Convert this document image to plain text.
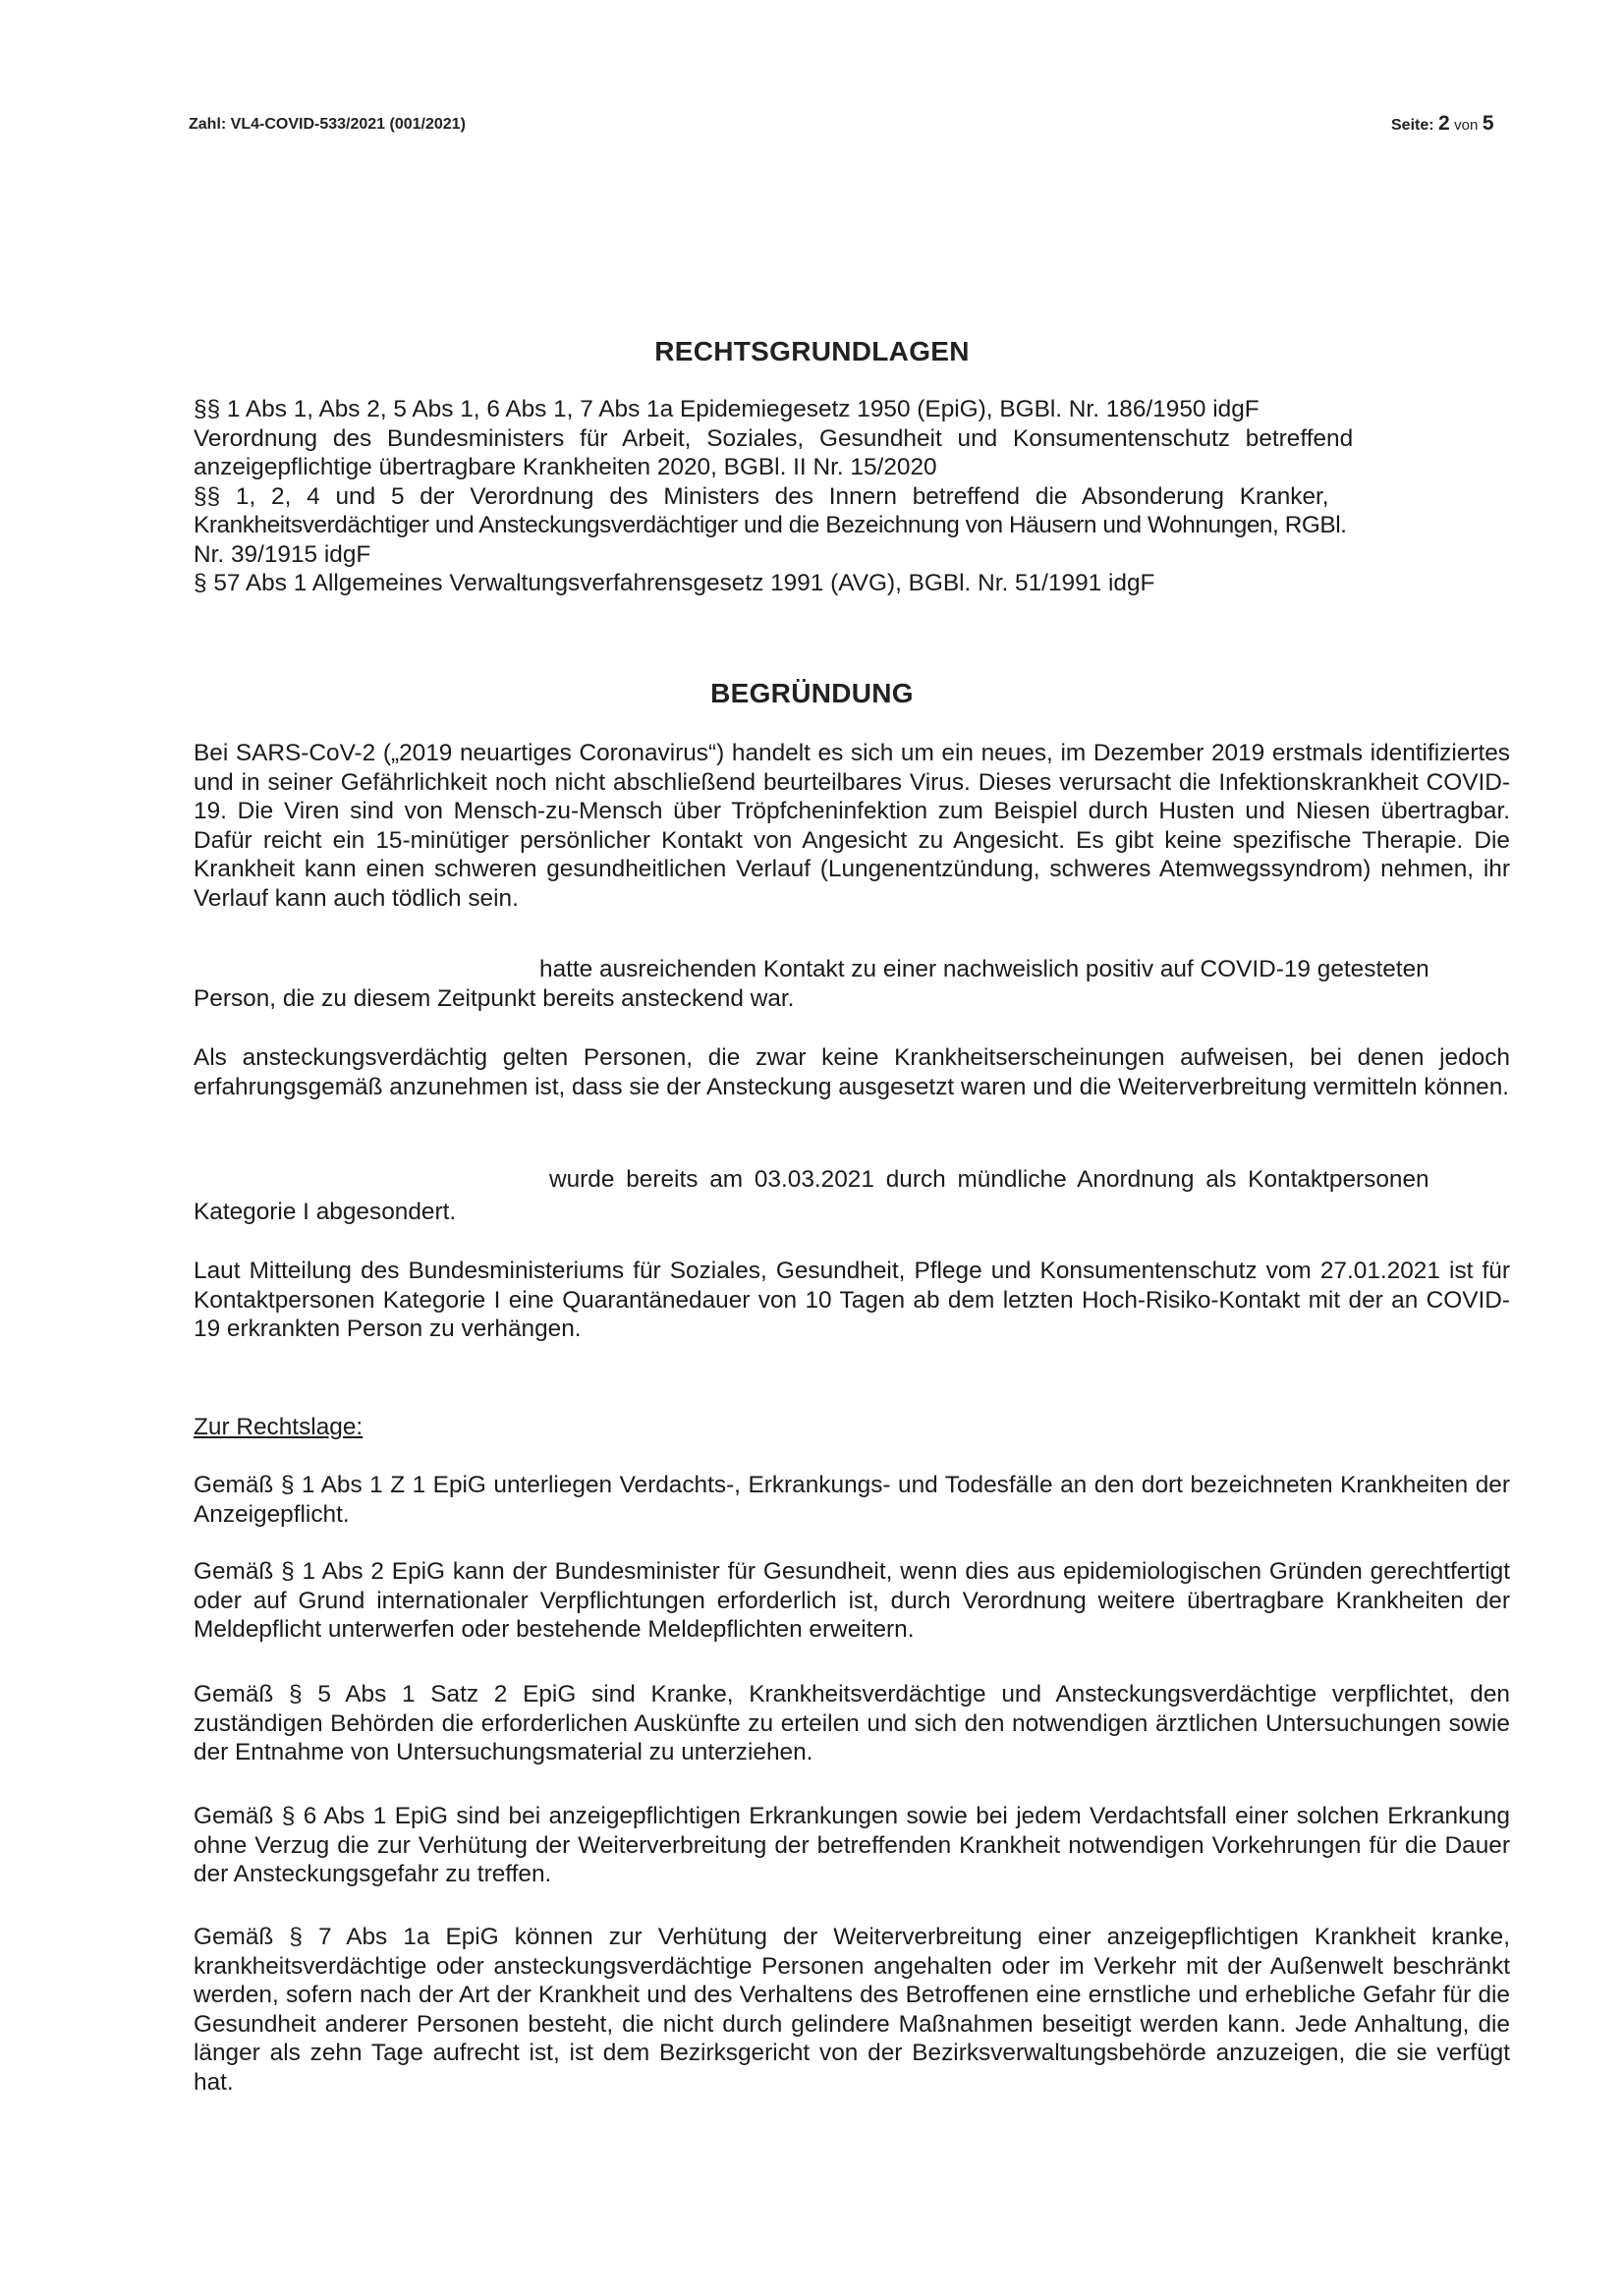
Zahl: VL4-COVID-533/2021 (001/2021)	Seite: 2 von 5
RECHTSGRUNDLAGEN
§§ 1 Abs 1, Abs 2, 5 Abs 1, 6 Abs 1, 7 Abs 1a Epidemiegesetz 1950 (EpiG), BGBl. Nr. 186/1950 idgF
Verordnung des Bundesministers für Arbeit, Soziales, Gesundheit und Konsumentenschutz betreffend
anzeigepflichtige übertragbare Krankheiten 2020, BGBl. II Nr. 15/2020
§§ 1, 2, 4 und 5 der Verordnung des Ministers des Innern betreffend die Absonderung Kranker,
Krankheitsverdächtiger und Ansteckungsverdächtiger und die Bezeichnung von Häusern und Wohnungen, RGBl.
Nr. 39/1915 idgF
§ 57 Abs 1 Allgemeines Verwaltungsverfahrensgesetz 1991 (AVG), BGBl. Nr. 51/1991 idgF
BEGRÜNDUNG
Bei SARS-CoV-2 („2019 neuartiges Coronavirus“) handelt es sich um ein neues, im Dezember 2019 erstmals identifiziertes und in seiner Gefährlichkeit noch nicht abschließend beurteilbares Virus. Dieses verursacht die Infektionskrankheit COVID-19. Die Viren sind von Mensch-zu-Mensch über Tröpfcheninfektion zum Beispiel durch Husten und Niesen übertragbar. Dafür reicht ein 15-minütiger persönlicher Kontakt von Angesicht zu Angesicht. Es gibt keine spezifische Therapie. Die Krankheit kann einen schweren gesundheitlichen Verlauf (Lungenentzündung, schweres Atemwegssyndrom) nehmen, ihr Verlauf kann auch tödlich sein.
hatte ausreichenden Kontakt zu einer nachweislich positiv auf COVID-19 getesteten
Person, die zu diesem Zeitpunkt bereits ansteckend war.
Als ansteckungsverdächtig gelten Personen, die zwar keine Krankheitserscheinungen aufweisen, bei denen jedoch erfahrungsgemäß anzunehmen ist, dass sie der Ansteckung ausgesetzt waren und die Weiterverbreitung vermitteln können.
wurde bereits am 03.03.2021 durch mündliche Anordnung als Kontaktpersonen
Kategorie I abgesondert.
Laut Mitteilung des Bundesministeriums für Soziales, Gesundheit, Pflege und Konsumentenschutz vom 27.01.2021 ist für Kontaktpersonen Kategorie I eine Quarantänedauer von 10 Tagen ab dem letzten Hoch-Risiko-Kontakt mit der an COVID-19 erkrankten Person zu verhängen.
Zur Rechtslage:
Gemäß § 1 Abs 1 Z 1 EpiG unterliegen Verdachts-, Erkrankungs- und Todesfälle an den dort bezeichneten Krankheiten der Anzeigepflicht.
Gemäß § 1 Abs 2 EpiG kann der Bundesminister für Gesundheit, wenn dies aus epidemiologischen Gründen gerechtfertigt oder auf Grund internationaler Verpflichtungen erforderlich ist, durch Verordnung weitere übertragbare Krankheiten der Meldepflicht unterwerfen oder bestehende Meldepflichten erweitern.
Gemäß § 5 Abs 1 Satz 2 EpiG sind Kranke, Krankheitsverdächtige und Ansteckungsverdächtige verpflichtet, den zuständigen Behörden die erforderlichen Auskünfte zu erteilen und sich den notwendigen ärztlichen Untersuchungen sowie der Entnahme von Untersuchungsmaterial zu unterziehen.
Gemäß § 6 Abs 1 EpiG sind bei anzeigepflichtigen Erkrankungen sowie bei jedem Verdachtsfall einer solchen Erkrankung ohne Verzug die zur Verhütung der Weiterverbreitung der betreffenden Krankheit notwendigen Vorkehrungen für die Dauer der Ansteckungsgefahr zu treffen.
Gemäß § 7 Abs 1a EpiG können zur Verhütung der Weiterverbreitung einer anzeigepflichtigen Krankheit kranke, krankheitsverdächtige oder ansteckungsverdächtige Personen angehalten oder im Verkehr mit der Außenwelt beschränkt werden, sofern nach der Art der Krankheit und des Verhaltens des Betroffenen eine ernstliche und erhebliche Gefahr für die Gesundheit anderer Personen besteht, die nicht durch gelindere Maßnahmen beseitigt werden kann. Jede Anhaltung, die länger als zehn Tage aufrecht ist, ist dem Bezirksgericht von der Bezirksverwaltungsbehörde anzuzeigen, die sie verfügt hat.
